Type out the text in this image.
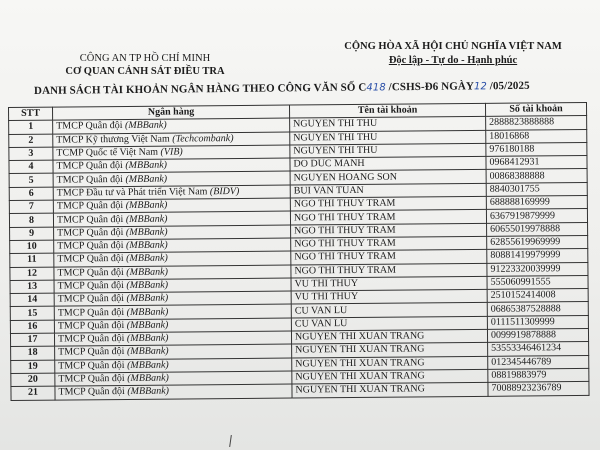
CÔNG AN TP HỒ CHÍ MINH
CƠ QUAN CẢNH SÁT ĐIỀU TRA
CỘNG HÒA XÃ HỘI CHỦ NGHĨA VIỆT NAM
Độc lập - Tự do - Hạnh phúc
DANH SÁCH TÀI KHOẢN NGÂN HÀNG THEO CÔNG VĂN SỐ C418 /CSHS-Đ6 NGÀY12 /05/2025
STT	Ngân hàng	Tên tài khoản	Số tài khoản
1	TMCP Quân đội (MBBank)	NGUYEN THI THU	2888823888888
2	TMCP Kỹ thương Việt Nam (Techcombank)	NGUYEN THI THU	18016868
3	TCMP Quốc tế Việt Nam (VIB)	NGUYEN THI THU	976180188
4	TMCP Quân đội (MBBank)	DO DUC MANH	0968412931
5	TMCP Quân đội (MBBank)	NGUYEN HOANG SON	00868388888
6	TMCP Đầu tư và Phát triển Việt Nam (BIDV)	BUI VAN TUAN	8840301755
7	TMCP Quân đội (MBBank)	NGO THI THUY TRAM	688888169999
8	TMCP Quân đội (MBBank)	NGO THI THUY TRAM	6367919879999
9	TMCP Quân đội (MBBank)	NGO THI THUY TRAM	60655019978888
10	TMCP Quân đội (MBBank)	NGO THI THUY TRAM	62855619969999
11	TMCP Quân đội (MBBank)	NGO THI THUY TRAM	80881419979999
12	TMCP Quân đội (MBBank)	NGO THI THUY TRAM	91223320039999
13	TMCP Quân đội (MBBank)	VU THI THUY	555060991555
14	TMCP Quân đội (MBBank)	VU THI THUY	2510152414008
15	TMCP Quân đội (MBBank)	CU VAN LU	06865387528888
16	TMCP Quân đội (MBBank)	CU VAN LU	0111511309999
17	TMCP Quân đội (MBBank)	NGUYEN THI XUAN TRANG	0099919878888
18	TMCP Quân đội (MBBank)	NGUYEN THI XUAN TRANG	53553346461234
19	TMCP Quân đội (MBBank)	NGUYEN THI XUAN TRANG	012345446789
20	TMCP Quân đội (MBBank)	NGUYEN THI XUAN TRANG	08819883979
21	TMCP Quân đội (MBBank)	NGUYEN THI XUAN TRANG	70088923236789
